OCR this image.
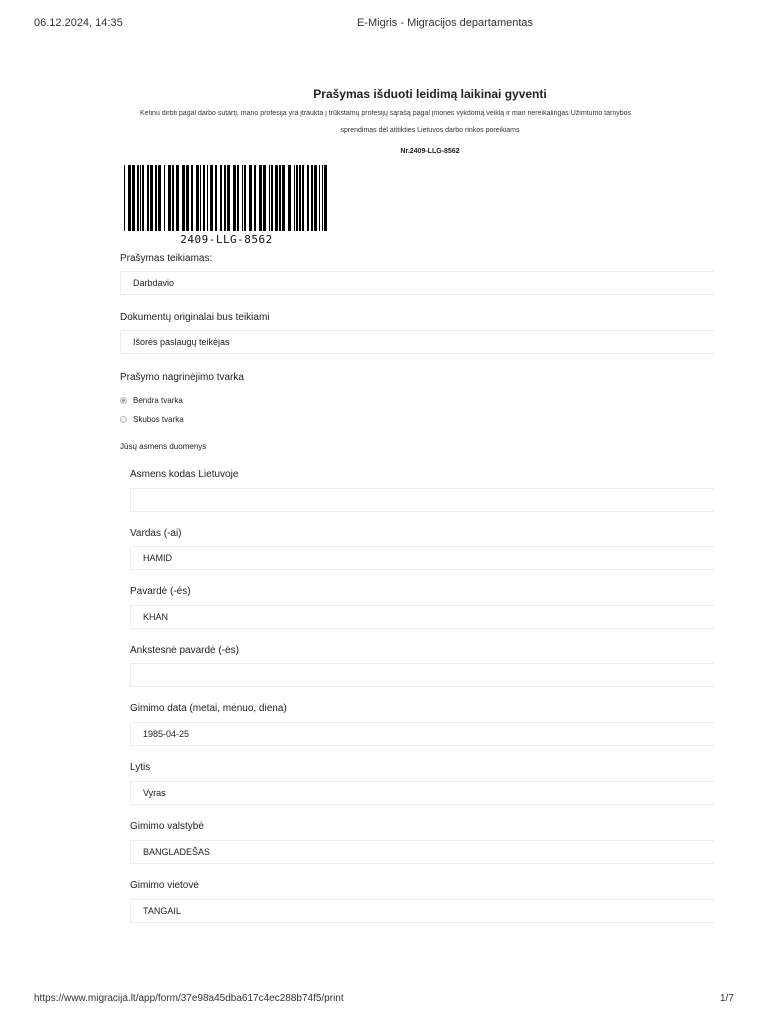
06.12.2024, 14:35	E-Migris - Migracijos departamentas
Prašymas išduoti leidimą laikinai gyventi
Ketinu dirbti pagal darbo sutartį, mano profesija yra įtraukta į trūkstamų profesijų sąrašą pagal įmonės vykdomą veiklą ir man nereikalingas Užimtumo tarnybos
sprendimas dėl atitikties Lietuvos darbo rinkos poreikiams
Nr.2409-LLG-8562
2409-LLG-8562
Prašymas teikiamas:
Darbdavio
Dokumentų originalai bus teikiami
Išorės paslaugų teikėjas
Prašymo nagrinėjimo tvarka
Bendra tvarka
Skubos tvarka
Jūsų asmens duomenys
Asmens kodas Lietuvoje
Vardas (-ai)
HAMID
Pavardė (-ės)
KHAN
Ankstesnė pavardė (-ės)
Gimimo data (metai, mėnuo, diena)
1985-04-25
Lytis
Vyras
Gimimo valstybė
BANGLADEŠAS
Gimimo vietovė
TANGAIL
https://www.migracija.lt/app/form/37e98a45dba617c4ec288b74f5/print	1/7
